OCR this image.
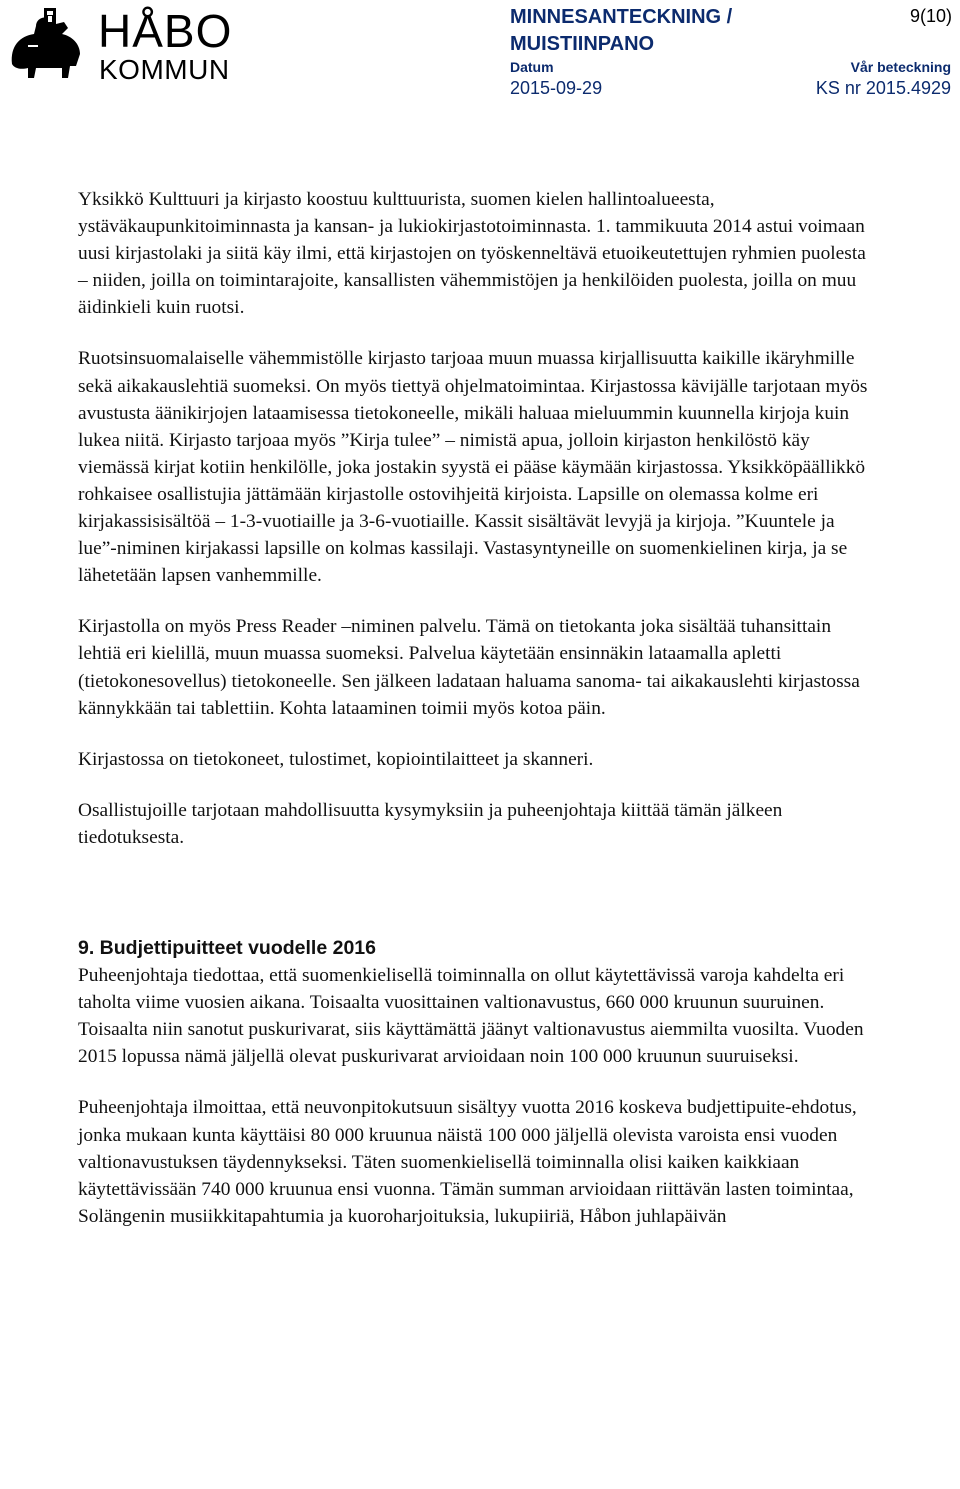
HÅBO
KOMMUN
MINNESANTECKNING / MUISTIINPANO
9(10)
Datum
2015-09-29
Vår beteckning
KS nr 2015.4929

Yksikkö Kulttuuri ja kirjasto koostuu kulttuurista, suomen kielen hallintoalueesta, ystäväkaupunkitoiminnasta ja kansan- ja lukiokirjastotoiminnasta. 1. tammikuuta 2014 astui voimaan uusi kirjastolaki ja siitä käy ilmi, että kirjastojen on työskenneltävä etuoikeutettujen ryhmien puolesta – niiden, joilla on toimintarajoite, kansallisten vähemmistöjen ja henkilöiden puolesta, joilla on muu äidinkieli kuin ruotsi.

Ruotsinsuomalaiselle vähemmistölle kirjasto tarjoaa muun muassa kirjallisuutta kaikille ikäryhmille sekä aikakauslehtiä suomeksi. On myös tiettyä ohjelmatoimintaa. Kirjastossa kävijälle tarjotaan myös avustusta äänikirjojen lataamisessa tietokoneelle, mikäli haluaa mieluummin kuunnella kirjoja kuin lukea niitä. Kirjasto tarjoaa myös ”Kirja tulee” – nimistä apua, jolloin kirjaston henkilöstö käy viemässä kirjat kotiin henkilölle, joka jostakin syystä ei pääse käymään kirjastossa. Yksikköpäällikkö rohkaisee osallistujia jättämään kirjastolle ostovihjeitä kirjoista. Lapsille on olemassa kolme eri kirjakassisisältöä – 1-3-vuotiaille ja 3-6-vuotiaille. Kassit sisältävät levyjä ja kirjoja. ”Kuuntele ja lue”-niminen kirjakassi lapsille on kolmas kassilaji. Vastasyntyneille on suomenkielinen kirja, ja se lähetetään lapsen vanhemmille.

Kirjastolla on myös Press Reader –niminen palvelu. Tämä on tietokanta joka sisältää tuhansittain lehtiä eri kielillä, muun muassa suomeksi. Palvelua käytetään ensinnäkin lataamalla apletti (tietokonesovellus) tietokoneelle. Sen jälkeen ladataan haluama sanoma- tai aikakauslehti kirjastossa kännykkään tai tablettiin. Kohta lataaminen toimii myös kotoa päin.

Kirjastossa on tietokoneet, tulostimet, kopiointilaitteet ja skanneri.

Osallistujoille tarjotaan mahdollisuutta kysymyksiin ja puheenjohtaja kiittää tämän jälkeen tiedotuksesta.

9. Budjettipuitteet vuodelle 2016

Puheenjohtaja tiedottaa, että suomenkielisellä toiminnalla on ollut käytettävissä varoja kahdelta eri taholta viime vuosien aikana. Toisaalta vuosittainen valtionavustus, 660 000 kruunun suuruinen. Toisaalta niin sanotut puskurivarat, siis käyttämättä jäänyt valtionavustus aiemmilta vuosilta. Vuoden 2015 lopussa nämä jäljellä olevat puskurivarat arvioidaan noin 100 000 kruunun suuruiseksi.

Puheenjohtaja ilmoittaa, että neuvonpitokutsuun sisältyy vuotta 2016 koskeva budjettipuite-ehdotus, jonka mukaan kunta käyttäisi 80 000 kruunua näistä 100 000 jäljellä olevista varoista ensi vuoden valtionavustuksen täydennykseksi. Täten suomenkielisellä toiminnalla olisi kaiken kaikkiaan käytettävissään 740 000 kruunua ensi vuonna. Tämän summan arvioidaan riittävän lasten toimintaa, Solängenin musiikkitapahtumia ja kuoroharjoituksia, lukupiiriä, Håbon juhlapäivän
